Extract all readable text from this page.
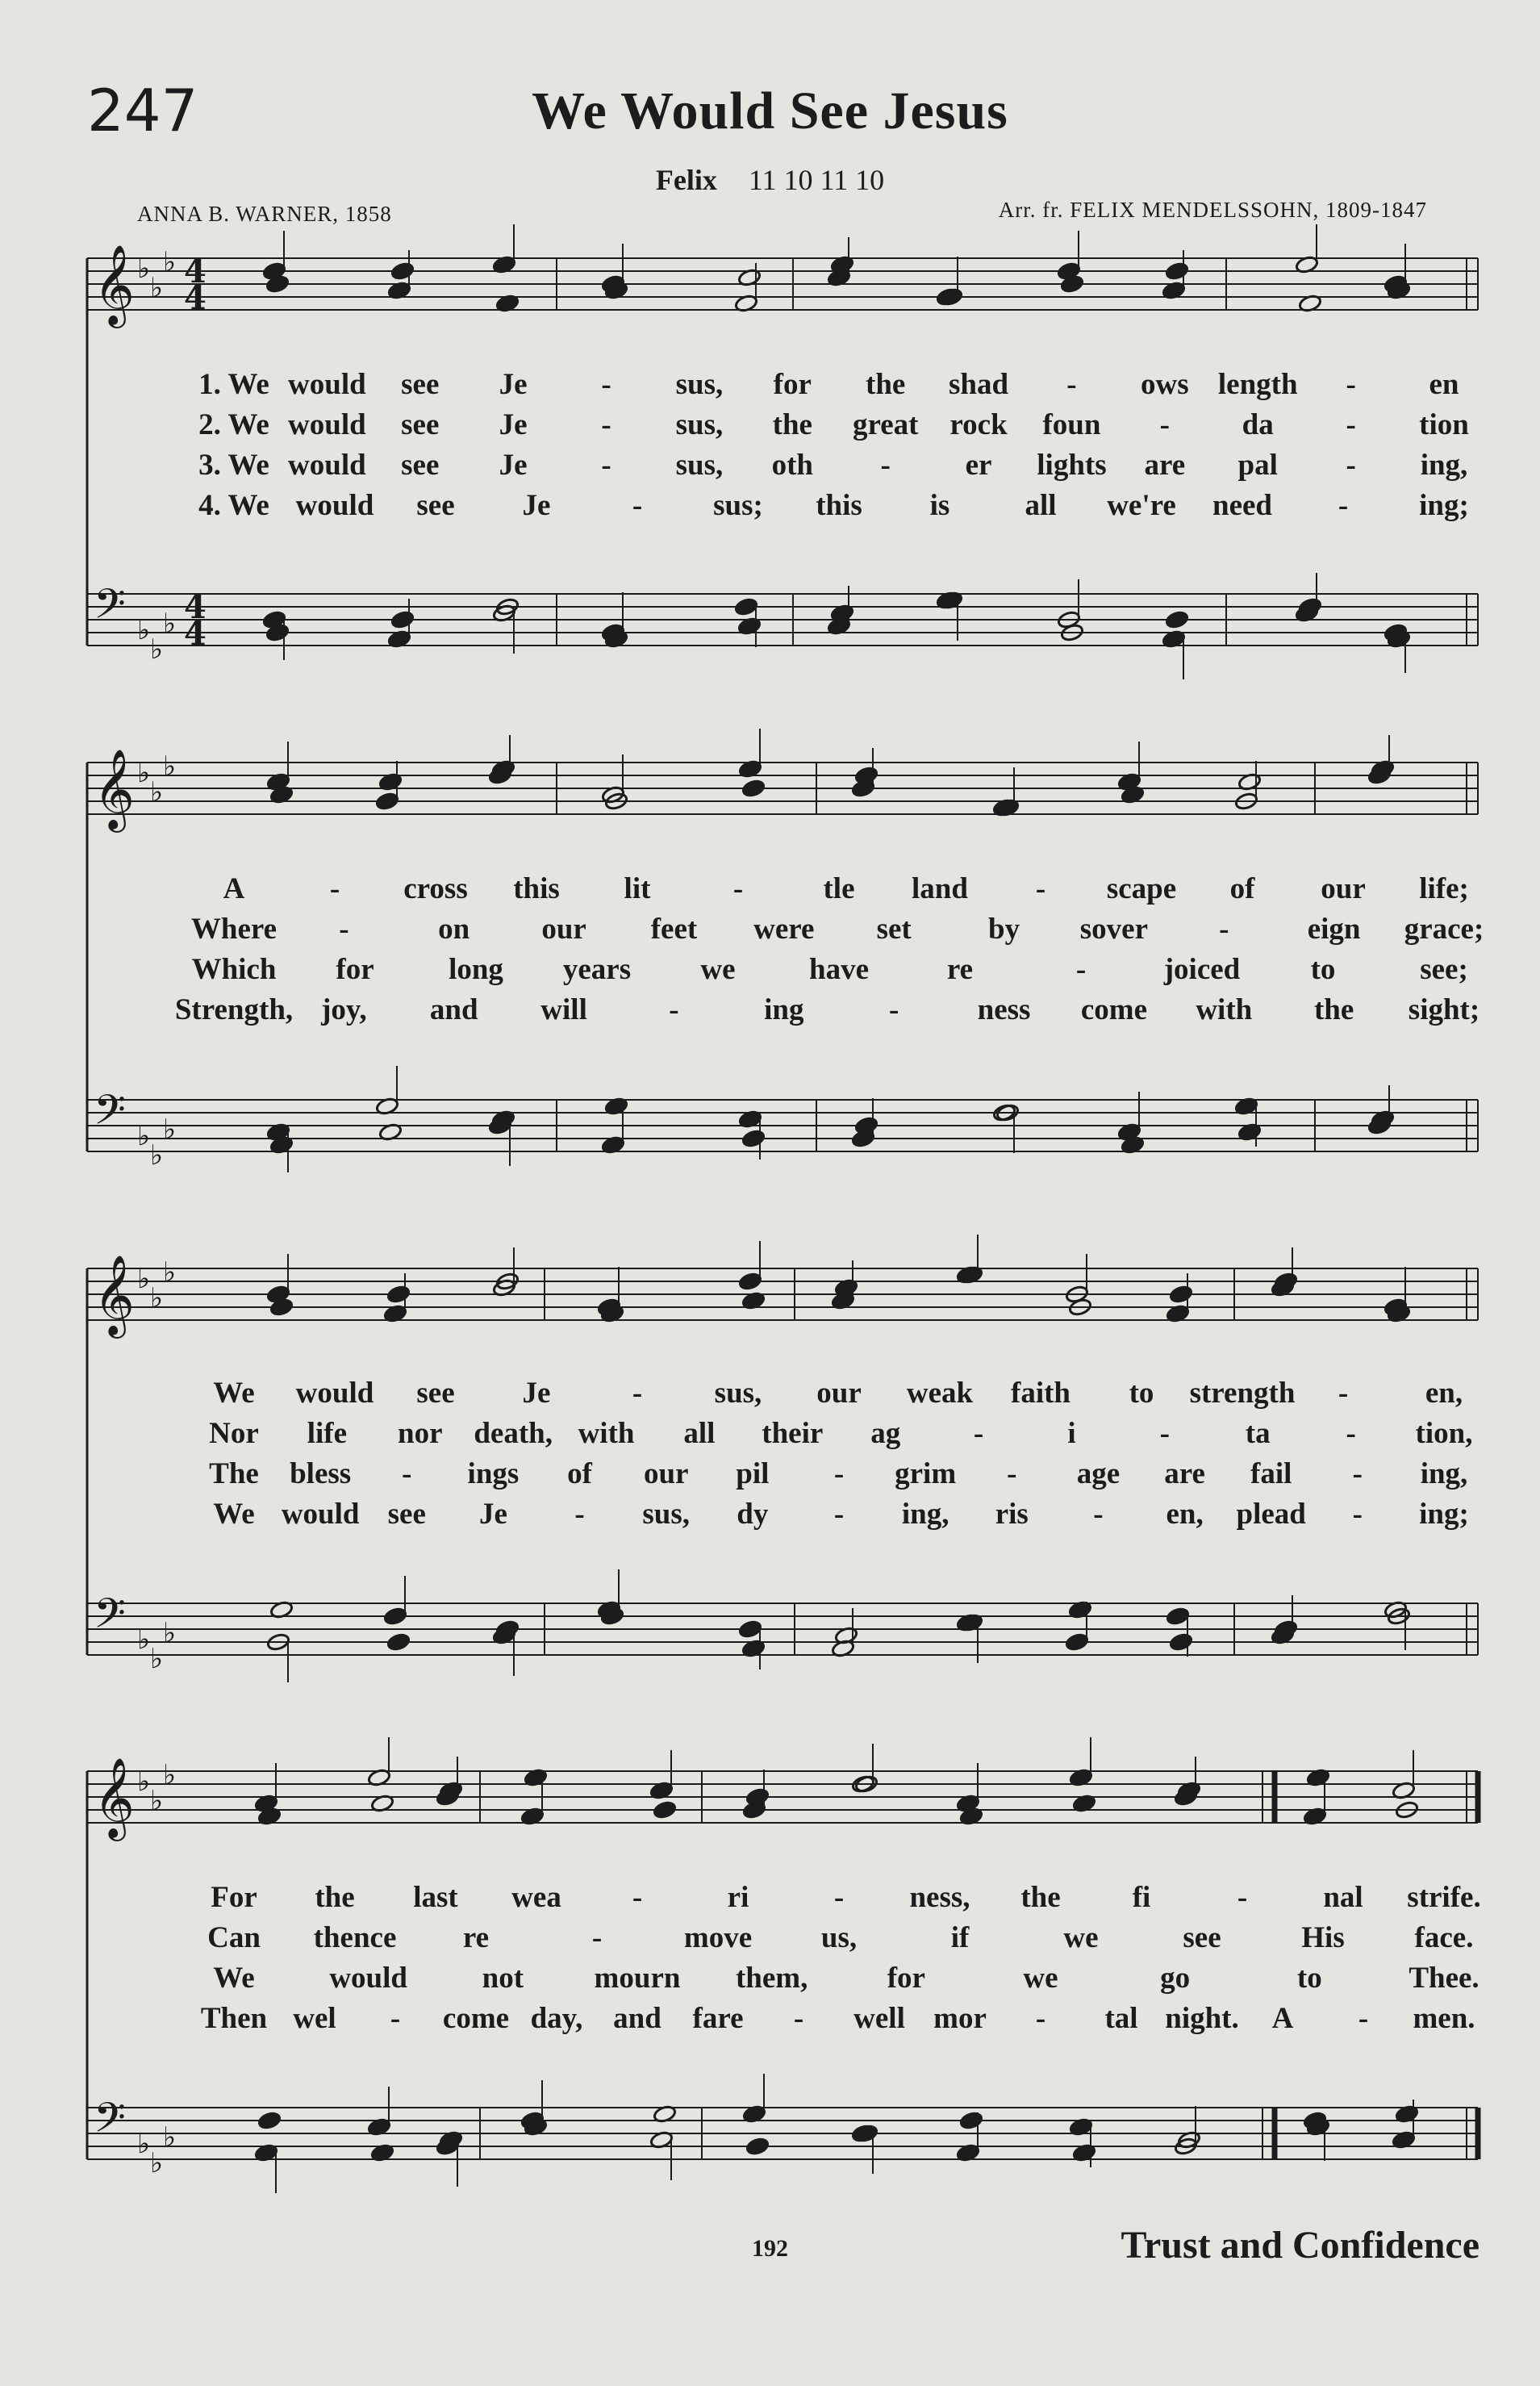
247	We Would See Jesus
Felix 11 10 11 10
ANNA B. WARNER, 1858	Arr. fr. FELIX MENDELSSOHN, 1809-1847
𝄞 ♭
♭
♭ 4
4
𝄢 ♭
♭
♭ 4
4
𝄞 ♭
♭
♭
𝄢 ♭
♭
♭
𝄞 ♭
♭
♭
𝄢 ♭
♭
♭
𝄞 ♭
♭
♭
𝄢 ♭
♭
♭
1. We would see Je - sus, for the shad - ows length - en
2. We would see Je - sus, the great rock foun - da - tion
3. We would see Je - sus, oth -	er lights are pal - ing,
4. We would see Je	- sus; this is	all we're need - ing;
A	- cross this lit	-	tle land - scape of our life;
Where -	on our feet were set	by sover -	eign grace;
Which for long years we have	re	-	joiced to	see;
Strength, joy, and will	-	ing	-	ness come with the sight;
We would see Je	- sus, our weak faith to strength -	en,
Nor life nor death, with all their ag -	i	-	ta	- tion,
The bless - ings of our pil - grim - age are fail - ing,
We would see Je - sus, dy - ing, ris - en, plead - ing;
For the last wea -	ri	- ness, the fi	-	nal strife.
Can thence re	-	move us,	if	we	see	His face.
We	would	not mourn them,	for	we	go	to	Thee.
Then wel - come day, and fare - well mor - tal night. A - men.
192	Trust and Confidence
